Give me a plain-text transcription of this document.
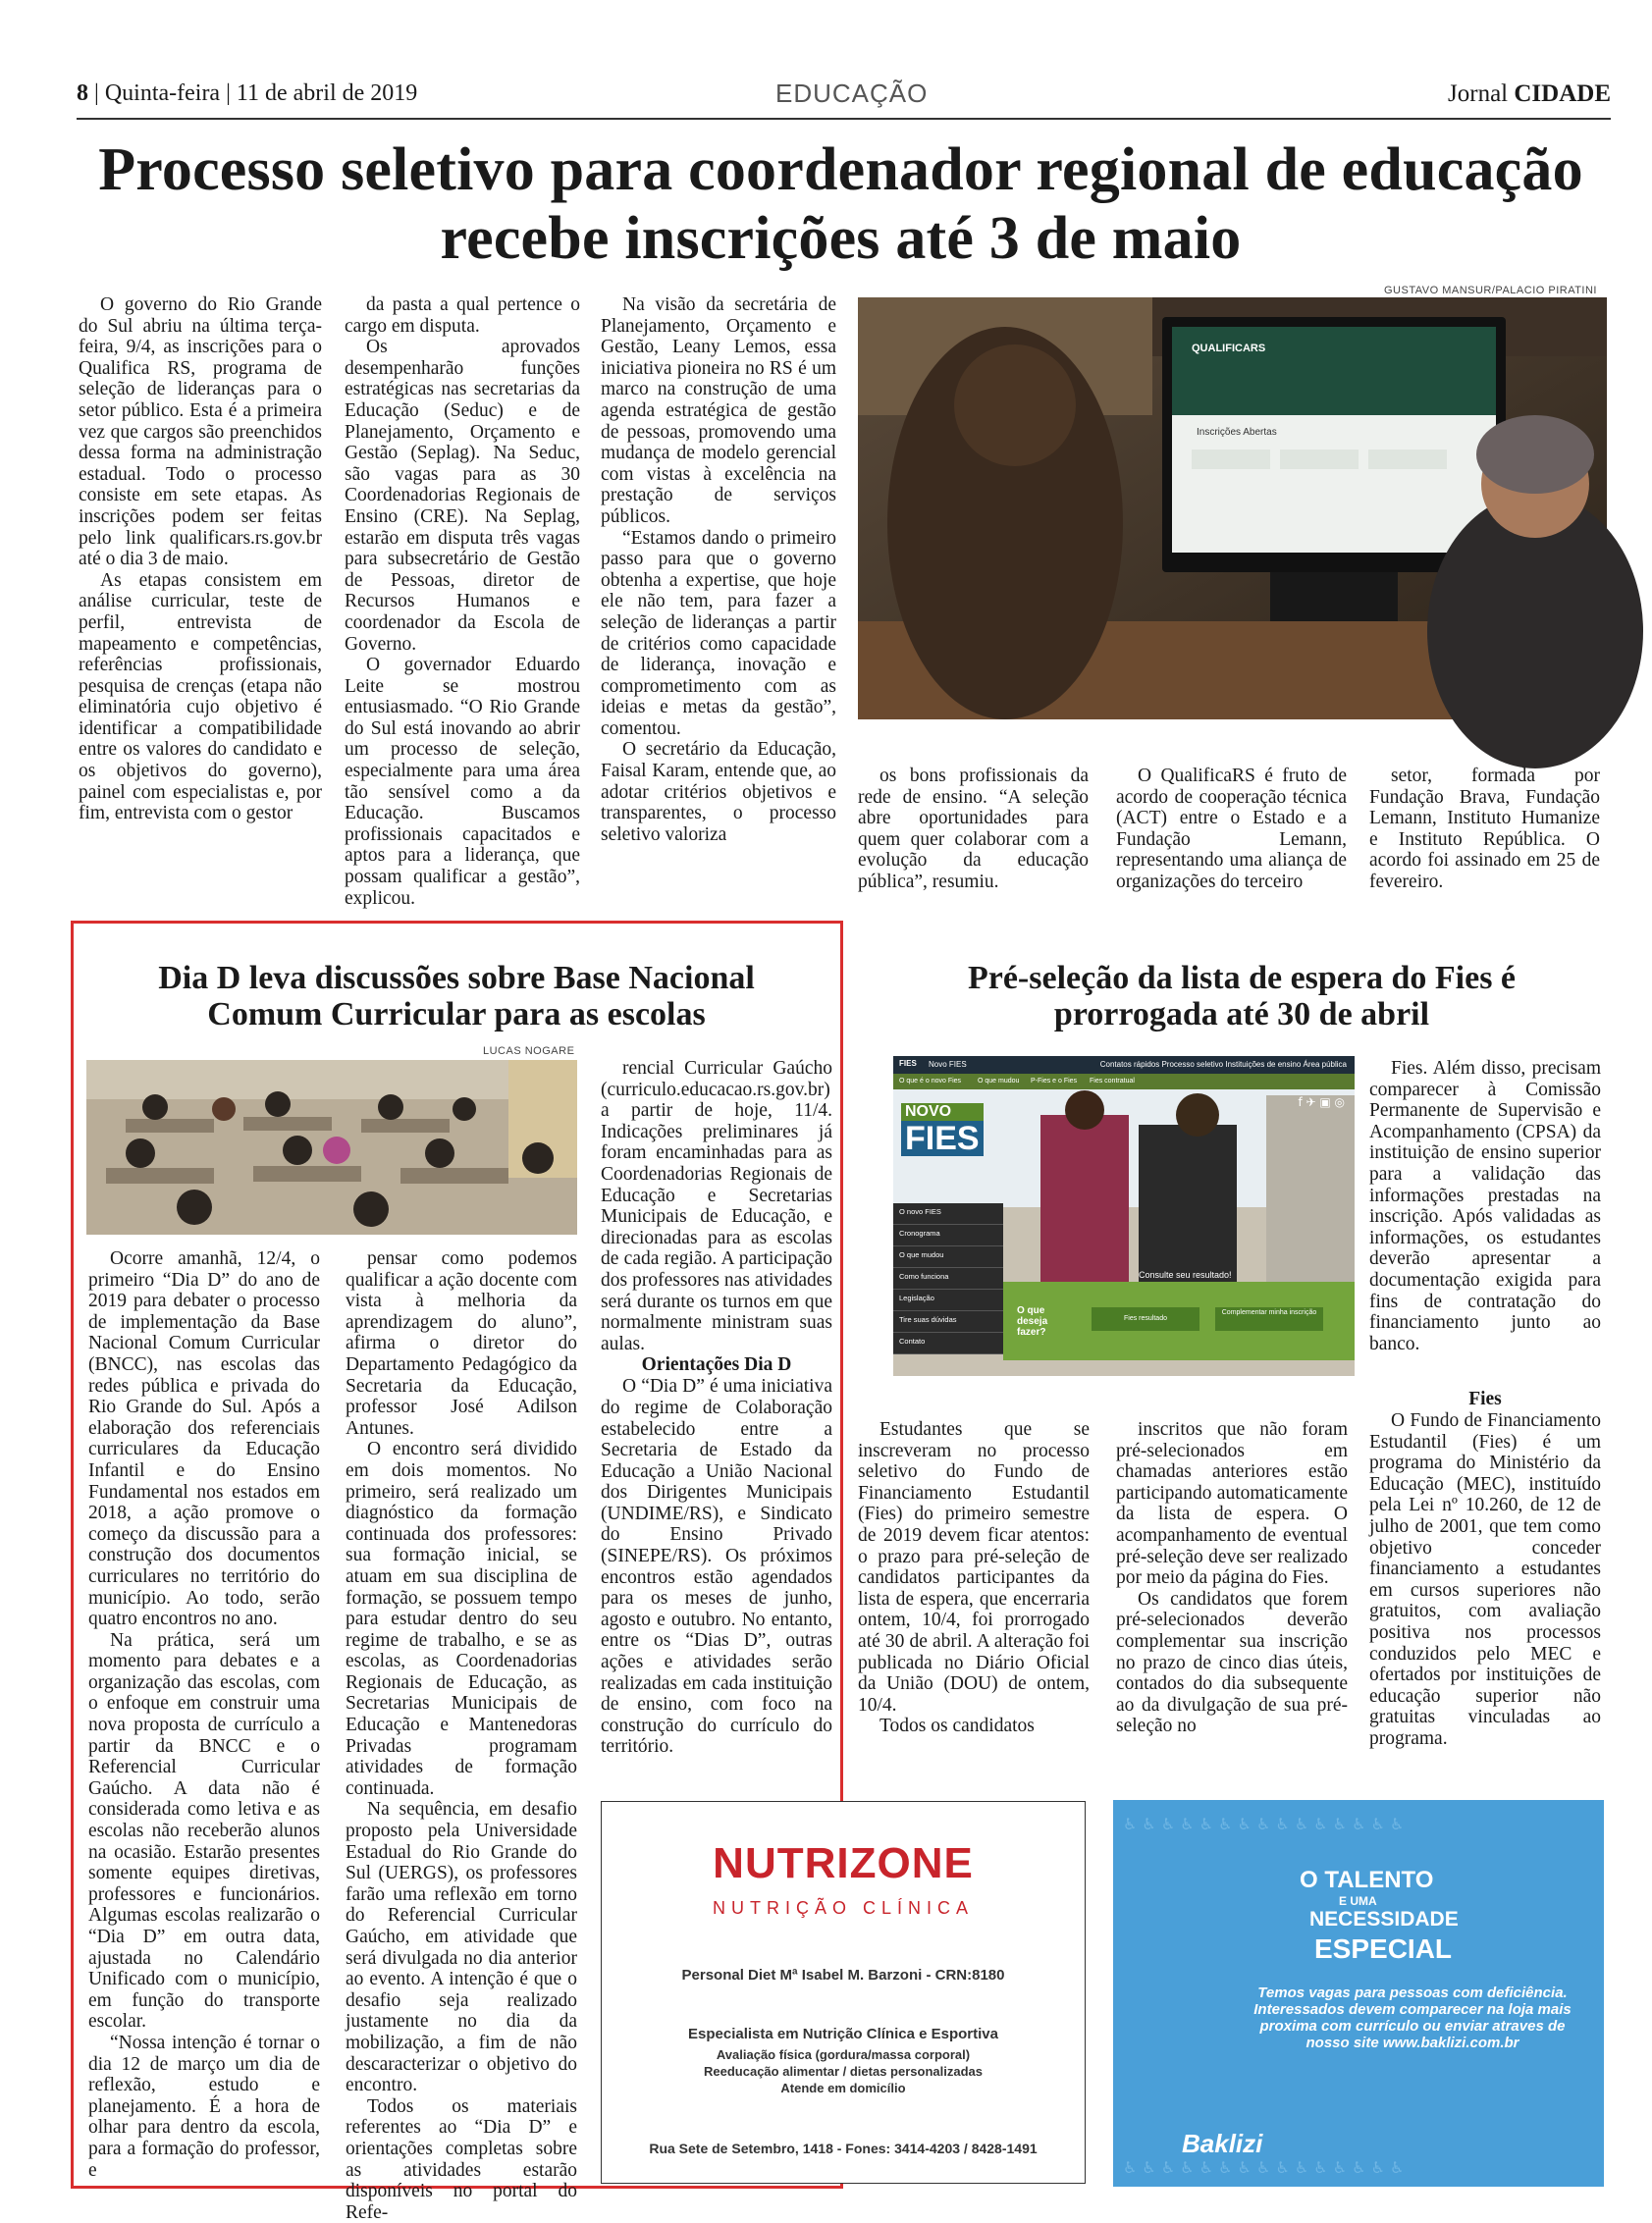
8 | Quinta-feira | 11 de abril de 2019	EDUCAÇÃO	Jornal CIDADE
Processo seletivo para coordenador regional de educação recebe inscrições até 3 de maio

O governo do Rio Grande do Sul abriu na última terça-feira, 9/4, as inscrições para o Qualifica RS, programa de seleção de lideranças para o setor público. Esta é a primeira vez que cargos são preenchidos dessa forma na administração estadual. Todo o processo consiste em sete etapas. As inscrições podem ser feitas pelo link qualificars.rs.gov.br até o dia 3 de maio.

As etapas consistem em análise curricular, teste de perfil, entrevista de mapeamento e competências, referências profissionais, pesquisa de crenças (etapa não eliminatória cujo objetivo é identificar a compatibilidade entre os valores do candidato e os objetivos do governo), painel com especialistas e, por fim, entrevista com o gestor

da pasta a qual pertence o cargo em disputa.

Os aprovados desempenharão funções estratégicas nas secretarias da Educação (Seduc) e de Planejamento, Orçamento e Gestão (Seplag). Na Seduc, são vagas para as 30 Coordenadorias Regionais de Ensino (CRE). Na Seplag, estarão em disputa três vagas para subsecretário de Gestão de Pessoas, diretor de Recursos Humanos e coordenador da Escola de Governo.

O governador Eduardo Leite se mostrou entusiasmado. “O Rio Grande do Sul está inovando ao abrir um processo de seleção, especialmente para uma área tão sensível como a da Educação. Buscamos profissionais capacitados e aptos para a liderança, que possam qualificar a gestão”, explicou.

Na visão da secretária de Planejamento, Orçamento e Gestão, Leany Lemos, essa iniciativa pioneira no RS é um marco na construção de uma agenda estratégica de gestão de pessoas, promovendo uma mudança de modelo gerencial com vistas à excelência na prestação de serviços públicos.

“Estamos dando o primeiro passo para que o governo obtenha a expertise, que hoje ele não tem, para fazer a seleção de lideranças a partir de critérios como capacidade de liderança, inovação e comprometimento com as ideias e metas da gestão”, comentou.

O secretário da Educação, Faisal Karam, entende que, ao adotar critérios objetivos e transparentes, o processo seletivo valoriza

GUSTAVO MANSUR/PALACIO PIRATINI
QUALIFICARS
Inscrições Abertas

os bons profissionais da rede de ensino. “A seleção abre oportunidades para quem quer colaborar com a evolução da educação pública”, resumiu.

O QualificaRS é fruto de acordo de cooperação técnica (ACT) entre o Estado e a Fundação Lemann, representando uma aliança de organizações do terceiro

setor, formada por Fundação Brava, Fundação Lemann, Instituto Humanize e Instituto República. O acordo foi assinado em 25 de fevereiro.

Dia D leva discussões sobre Base Nacional Comum Curricular para as escolas
LUCAS NOGARE

Ocorre amanhã, 12/4, o primeiro “Dia D” do ano de 2019 para debater o processo de implementação da Base Nacional Comum Curricular (BNCC), nas escolas das redes pública e privada do Rio Grande do Sul. Após a elaboração dos referenciais curriculares da Educação Infantil e do Ensino Fundamental nos estados em 2018, a ação promove o começo da discussão para a construção dos documentos curriculares no território do município. Ao todo, serão quatro encontros no ano.

Na prática, será um momento para debates e a organização das escolas, com o enfoque em construir uma nova proposta de currículo a partir da BNCC e o Referencial Curricular Gaúcho. A data não é considerada como letiva e as escolas não receberão alunos na ocasião. Estarão presentes somente equipes diretivas, professores e funcionários. Algumas escolas realizarão o “Dia D” em outra data, ajustada no Calendário Unificado com o município, em função do transporte escolar.

“Nossa intenção é tornar o dia 12 de março um dia de reflexão, estudo e planejamento. É a hora de olhar para dentro da escola, para a formação do professor, e

pensar como podemos qualificar a ação docente com vista à melhoria da aprendizagem do aluno”, afirma o diretor do Departamento Pedagógico da Secretaria da Educação, professor José Adilson Antunes.

O encontro será dividido em dois momentos. No primeiro, será realizado um diagnóstico da formação continuada dos professores: sua formação inicial, se atuam em sua disciplina de formação, se possuem tempo para estudar dentro do seu regime de trabalho, e se as escolas, as Coordenadorias Regionais de Educação, as Secretarias Municipais de Educação e Mantenedoras Privadas programam atividades de formação continuada.

Na sequência, em desafio proposto pela Universidade Estadual do Rio Grande do Sul (UERGS), os professores farão uma reflexão em torno do Referencial Curricular Gaúcho, em atividade que será divulgada no dia anterior ao evento. A intenção é que o desafio seja realizado justamente no dia da mobilização, a fim de não descaracterizar o objetivo do encontro.

Todos os materiais referentes ao “Dia D” e orientações completas sobre as atividades estarão disponíveis no portal do Refe-

rencial Curricular Gaúcho (curriculo.educacao.rs.gov.br) a partir de hoje, 11/4. Indicações preliminares já foram encaminhadas para as Coordenadorias Regionais de Educação e Secretarias Municipais de Educação, e direcionadas para as escolas de cada região. A participação dos professores nas atividades será durante os turnos em que normalmente ministram suas aulas.

Orientações Dia D

O “Dia D” é uma iniciativa do regime de Colaboração estabelecido entre a Secretaria de Estado da Educação a União Nacional dos Dirigentes Municipais (UNDIME/RS), e Sindicato do Ensino Privado (SINEPE/RS). Os próximos encontros estão agendados para os meses de junho, agosto e outubro. No entanto, entre os “Dias D”, outras ações e atividades serão realizadas em cada instituição de ensino, com foco na construção do currículo do território.

Pré-seleção da lista de espera do Fies é prorrogada até 30 de abril
FIES Novo FIES	Contatos rápidos Processo seletivo Instituições de ensino Área pública
O que é o novo Fies O que mudou P-Fies e o Fies Fies contratual
f ✈ ▣ ◎
NOVO
FIES
O novo FIES
Cronograma
O que mudou
Como funciona
Legislação
Tire suas dúvidas
Contato
Consulte seu resultado!
O que deseja fazer?
Fies resultado
Complementar minha inscrição

Fies. Além disso, precisam comparecer à Comissão Permanente de Supervisão e Acompanhamento (CPSA) da instituição de ensino superior para a validação das informações prestadas na inscrição. Após validadas as informações, os estudantes deverão apresentar a documentação exigida para fins de contratação do financiamento junto ao banco.

Estudantes que se inscreveram no processo seletivo do Fundo de Financiamento Estudantil (Fies) do primeiro semestre de 2019 devem ficar atentos: o prazo para pré-seleção de candidatos participantes da lista de espera, que encerraria ontem, 10/4, foi prorrogado até 30 de abril. A alteração foi publicada no Diário Oficial da União (DOU) de ontem, 10/4.

Todos os candidatos

inscritos que não foram pré-selecionados em chamadas anteriores estão participando automaticamente da lista de espera. O acompanhamento de eventual pré-seleção deve ser realizado por meio da página do Fies.

Os candidatos que forem pré-selecionados deverão complementar sua inscrição no prazo de cinco dias úteis, contados do dia subsequente ao da divulgação de sua pré-seleção no

Fies

O Fundo de Financiamento Estudantil (Fies) é um programa do Ministério da Educação (MEC), instituído pela Lei nº 10.260, de 12 de julho de 2001, que tem como objetivo conceder financiamento a estudantes em cursos superiores não gratuitos, com avaliação positiva nos processos conduzidos pelo MEC e ofertados por instituições de educação superior não gratuitas vinculadas ao programa.

NUTRIZONE
NUTRIÇÃO CLÍNICA
Personal Diet Mª Isabel M. Barzoni - CRN:8180
Especialista em Nutrição Clínica e Esportiva
Avaliação física (gordura/massa corporal)
Reeducação alimentar / dietas personalizadas
Atende em domicílio
Rua Sete de Setembro, 1418 - Fones: 3414-4203 / 8428-1491
♿ ♿ ♿ ♿ ♿ ♿ ♿ ♿ ♿ ♿ ♿ ♿ ♿ ♿ ♿
♿ ♿ ♿ ♿ ♿ ♿ ♿ ♿ ♿ ♿ ♿ ♿ ♿ ♿ ♿
O TALENTO
E UMA
NECESSIDADE
ESPECIAL
Temos vagas para pessoas com deficiência. Interessados devem comparecer na loja mais proxima com currículo ou enviar atraves de nosso site www.baklizi.com.br
Baklizi
